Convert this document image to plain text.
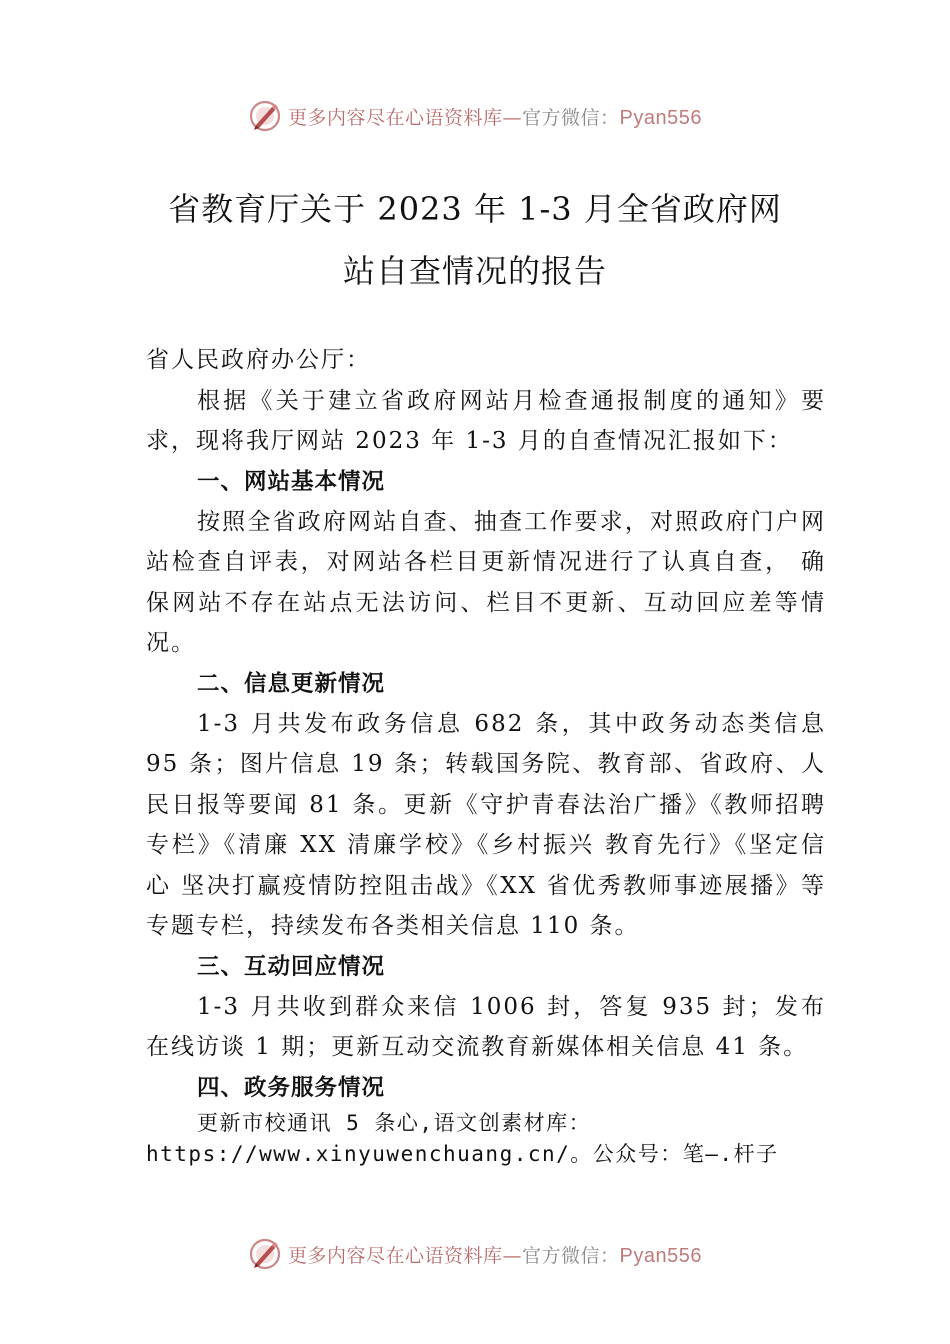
更多内容尽在心语资料库—官方微信：Pyan556
省教育厅关于 2023 年 1-3 月全省政府网
站自查情况的报告

省人民政府办公厅：

根据《关于建立省政府网站月检查通报制度的通知》要求，现将我厅网站 2023 年 1-3 月的自查情况汇报如下：

一、网站基本情况

按照全省政府网站自查、抽查工作要求，对照政府门户网站检查自评表，对网站各栏目更新情况进行了认真自查， 确保网站不存在站点无法访问、栏目不更新、互动回应差等情况。

二、信息更新情况

1-3 月共发布政务信息 682 条，其中政务动态类信息 95 条；图片信息 19 条；转载国务院、教育部、省政府、人民日报等要闻 81 条。更新《守护青春法治广播》《教师招聘专栏》《清廉 XX 清廉学校》《乡村振兴 教育先行》《坚定信心 坚决打赢疫情防控阻击战》《XX 省优秀教师事迹展播》等专题专栏，持续发布各类相关信息 110 条。

三、互动回应情况

1-3 月共收到群众来信 1006 封，答复 935 封；发布在线访谈 1 期；更新互动交流教育新媒体相关信息 41 条。

四、政务服务情况

更新市校通讯 5 条心,语文创素材库：
https://www.xinyuwenchuang.cn/。公众号：笔—.杆子

更多内容尽在心语资料库—官方微信：Pyan556
